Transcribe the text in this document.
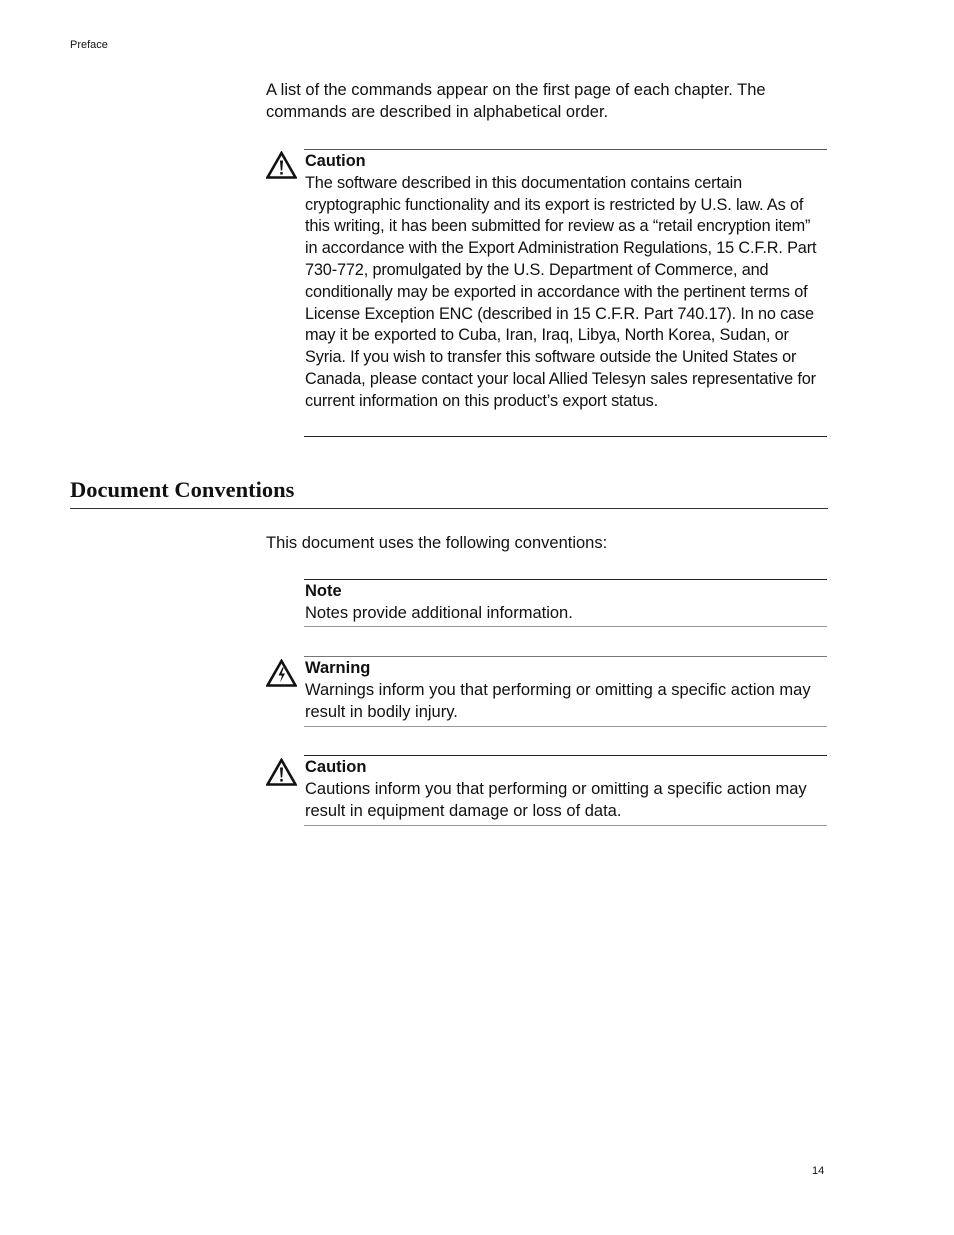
Preface

A list of the commands appear on the first page of each chapter. The commands are described in alphabetical order.

Caution
The software described in this documentation contains certain cryptographic functionality and its export is restricted by U.S. law. As of this writing, it has been submitted for review as a “retail encryption item” in accordance with the Export Administration Regulations, 15 C.F.R. Part 730-772, promulgated by the U.S. Department of Commerce, and conditionally may be exported in accordance with the pertinent terms of License Exception ENC (described in 15 C.F.R. Part 740.17). In no case may it be exported to Cuba, Iran, Iraq, Libya, North Korea, Sudan, or Syria. If you wish to transfer this software outside the United States or Canada, please contact your local Allied Telesyn sales representative for current information on this product’s export status.
Document Conventions

This document uses the following conventions:

Note
Notes provide additional information.
Warning
Warnings inform you that performing or omitting a specific action may result in bodily injury.
Caution
Cautions inform you that performing or omitting a specific action may result in equipment damage or loss of data.
14
